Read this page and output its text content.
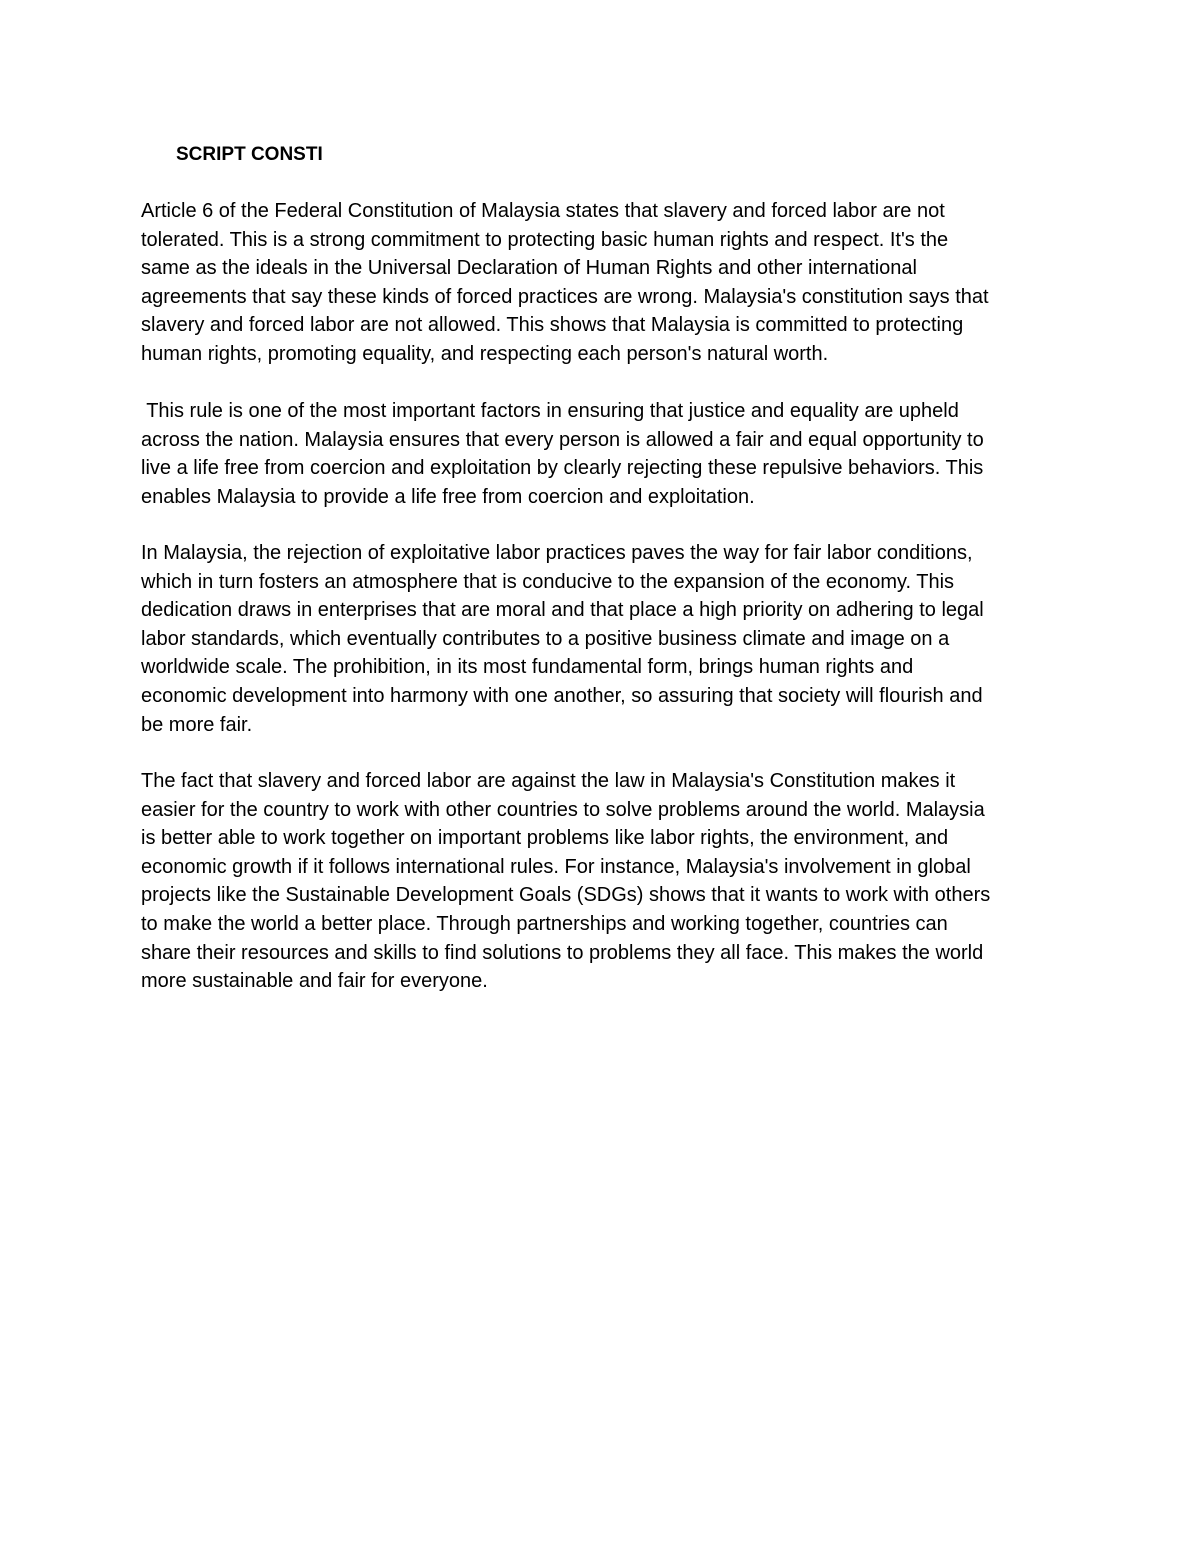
SCRIPT CONSTI
Article 6 of the Federal Constitution of Malaysia states that slavery and forced labor are not
tolerated. This is a strong commitment to protecting basic human rights and respect. It's the
same as the ideals in the Universal Declaration of Human Rights and other international
agreements that say these kinds of forced practices are wrong. Malaysia's constitution says that
slavery and forced labor are not allowed. This shows that Malaysia is committed to protecting
human rights, promoting equality, and respecting each person's natural worth.
This rule is one of the most important factors in ensuring that justice and equality are upheld
across the nation. Malaysia ensures that every person is allowed a fair and equal opportunity to
live a life free from coercion and exploitation by clearly rejecting these repulsive behaviors. This
enables Malaysia to provide a life free from coercion and exploitation.
In Malaysia, the rejection of exploitative labor practices paves the way for fair labor conditions,
which in turn fosters an atmosphere that is conducive to the expansion of the economy. This
dedication draws in enterprises that are moral and that place a high priority on adhering to legal
labor standards, which eventually contributes to a positive business climate and image on a
worldwide scale. The prohibition, in its most fundamental form, brings human rights and
economic development into harmony with one another, so assuring that society will flourish and
be more fair.
The fact that slavery and forced labor are against the law in Malaysia's Constitution makes it
easier for the country to work with other countries to solve problems around the world. Malaysia
is better able to work together on important problems like labor rights, the environment, and
economic growth if it follows international rules. For instance, Malaysia's involvement in global
projects like the Sustainable Development Goals (SDGs) shows that it wants to work with others
to make the world a better place. Through partnerships and working together, countries can
share their resources and skills to find solutions to problems they all face. This makes the world
more sustainable and fair for everyone.
